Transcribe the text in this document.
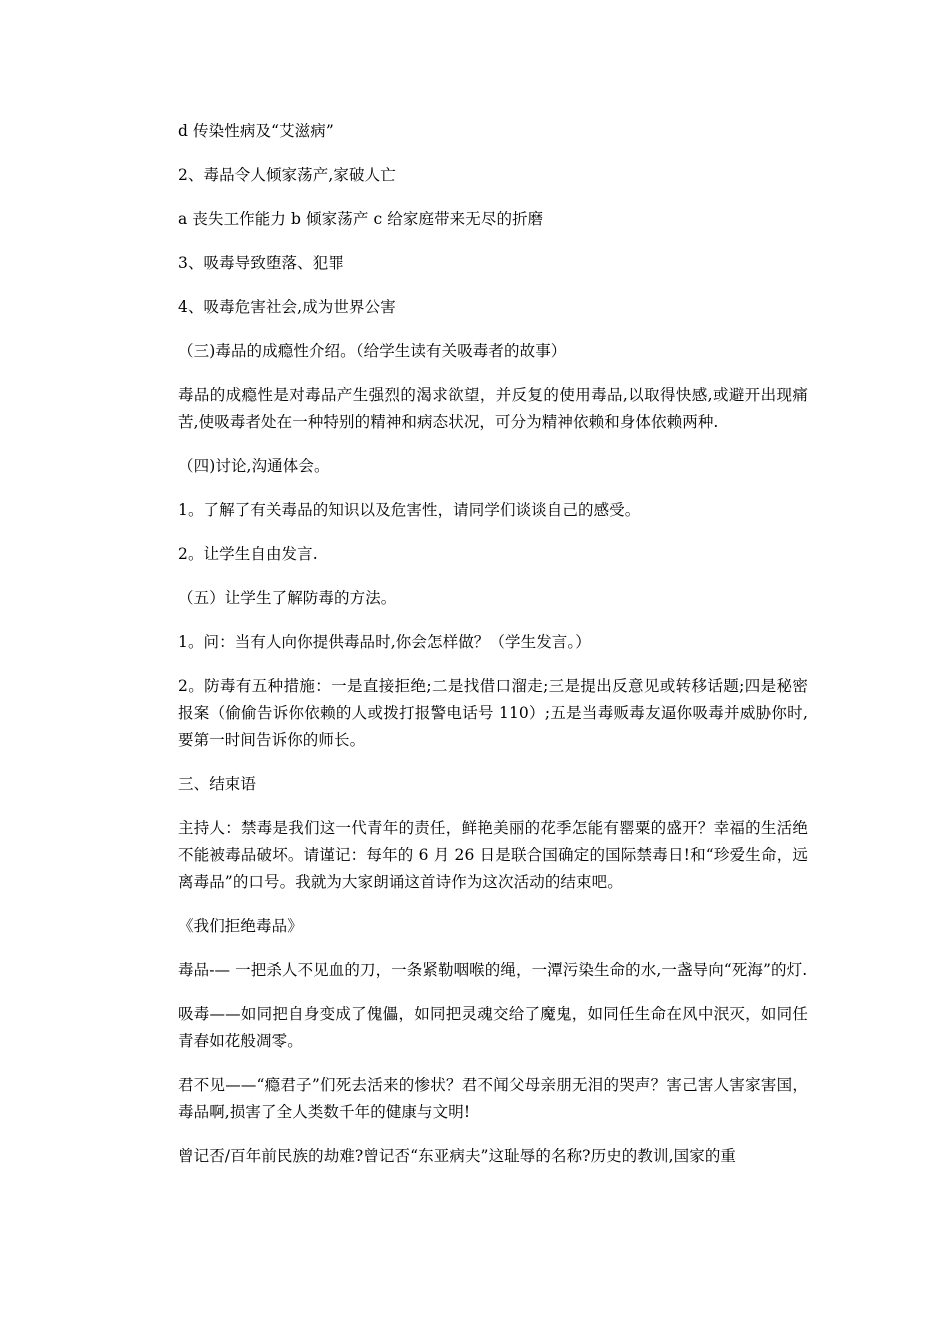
d 传染性病及“艾滋病”

2、毒品令人倾家荡产,家破人亡

a 丧失工作能力 b 倾家荡产 c 给家庭带来无尽的折磨

3、吸毒导致堕落、犯罪

4、吸毒危害社会,成为世界公害

（三)毒品的成瘾性介绍。（给学生读有关吸毒者的故事）

毒品的成瘾性是对毒品产生强烈的渴求欲望，并反复的使用毒品,以取得快感,或避开出现痛苦,使吸毒者处在一种特别的精神和病态状况，可分为精神依赖和身体依赖两种.

（四)讨论,沟通体会。

1。了解了有关毒品的知识以及危害性，请同学们谈谈自己的感受。

2。让学生自由发言.

（五）让学生了解防毒的方法。

1。问：当有人向你提供毒品时,你会怎样做？（学生发言。）

2。防毒有五种措施：一是直接拒绝;二是找借口溜走;三是提出反意见或转移话题;四是秘密报案（偷偷告诉你依赖的人或拨打报警电话号 110）;五是当毒贩毒友逼你吸毒并威胁你时,要第一时间告诉你的师长。

三、结束语

主持人：禁毒是我们这一代青年的责任，鲜艳美丽的花季怎能有罂粟的盛开？幸福的生活绝不能被毒品破坏。请谨记：每年的 6 月 26 日是联合国确定的国际禁毒日!和“珍爱生命，远离毒品”的口号。我就为大家朗诵这首诗作为这次活动的结束吧。

《我们拒绝毒品》

毒品-— 一把杀人不见血的刀，一条紧勒咽喉的绳，一潭污染生命的水,一盏导向“死海”的灯.

吸毒——如同把自身变成了傀儡，如同把灵魂交给了魔鬼，如同任生命在风中泯灭，如同任青春如花般凋零。

君不见——“瘾君子”们死去活来的惨状？君不闻父母亲朋无泪的哭声？害己害人害家害国，毒品啊,损害了全人类数千年的健康与文明!

曾记否/百年前民族的劫难?曾记否“东亚病夫”这耻辱的名称?历史的教训,国家的重
